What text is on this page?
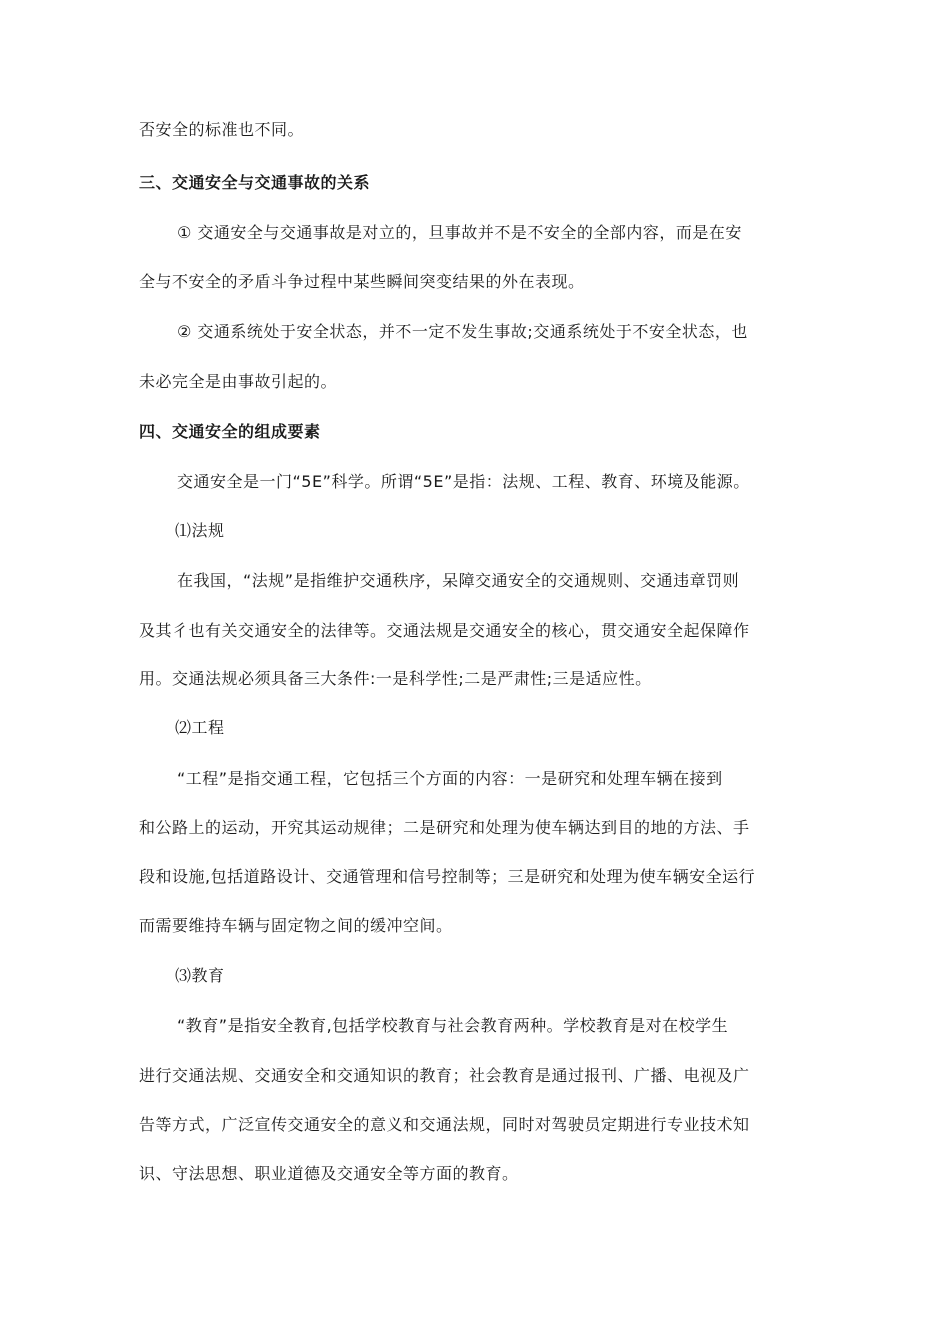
否安全的标准也不同。
三、交通安全与交通事故的关系
① 交通安全与交通事故是对立的，旦事故并不是不安全的全部内容，而是在安
全与不安全的矛盾斗争过程中某些瞬间突变结果的外在表现。
② 交通系统处于安全状态，并不一定不发生事故;交通系统处于不安全状态，也
未必完全是由事故引起的。
四、交通安全的组成要素
交通安全是一门“5E”科学。所谓“5E”是指：法规、工程、教育、环境及能源。
⑴法规
在我国，“法规”是指维护交通秩序，呆障交通安全的交通规则、交通违章罚则
及其彳也有关交通安全的法律等。交通法规是交通安全的核心，贯交通安全起保障作
用。交通法规必须具备三大条件:一是科学性;二是严肃性;三是适应性。
⑵工程
“工程”是指交通工程，它包括三个方面的内容：一是研究和处理车辆在接到
和公路上的运动，开究其运动规律；二是研究和处理为使车辆达到目的地的方法、手
段和设施,包括道路设计、交通管理和信号控制等；三是研究和处理为使车辆安全运行
而需要维持车辆与固定物之间的缓冲空间。
⑶教育
“教育”是指安全教育,包括学校教育与社会教育两种。学校教育是对在校学生
进行交通法规、交通安全和交通知识的教育；社会教育是通过报刊、广播、电视及广
告等方式，广泛宣传交通安全的意义和交通法规，同时对驾驶员定期进行专业技术知
识、守法思想、职业道德及交通安全等方面的教育。
